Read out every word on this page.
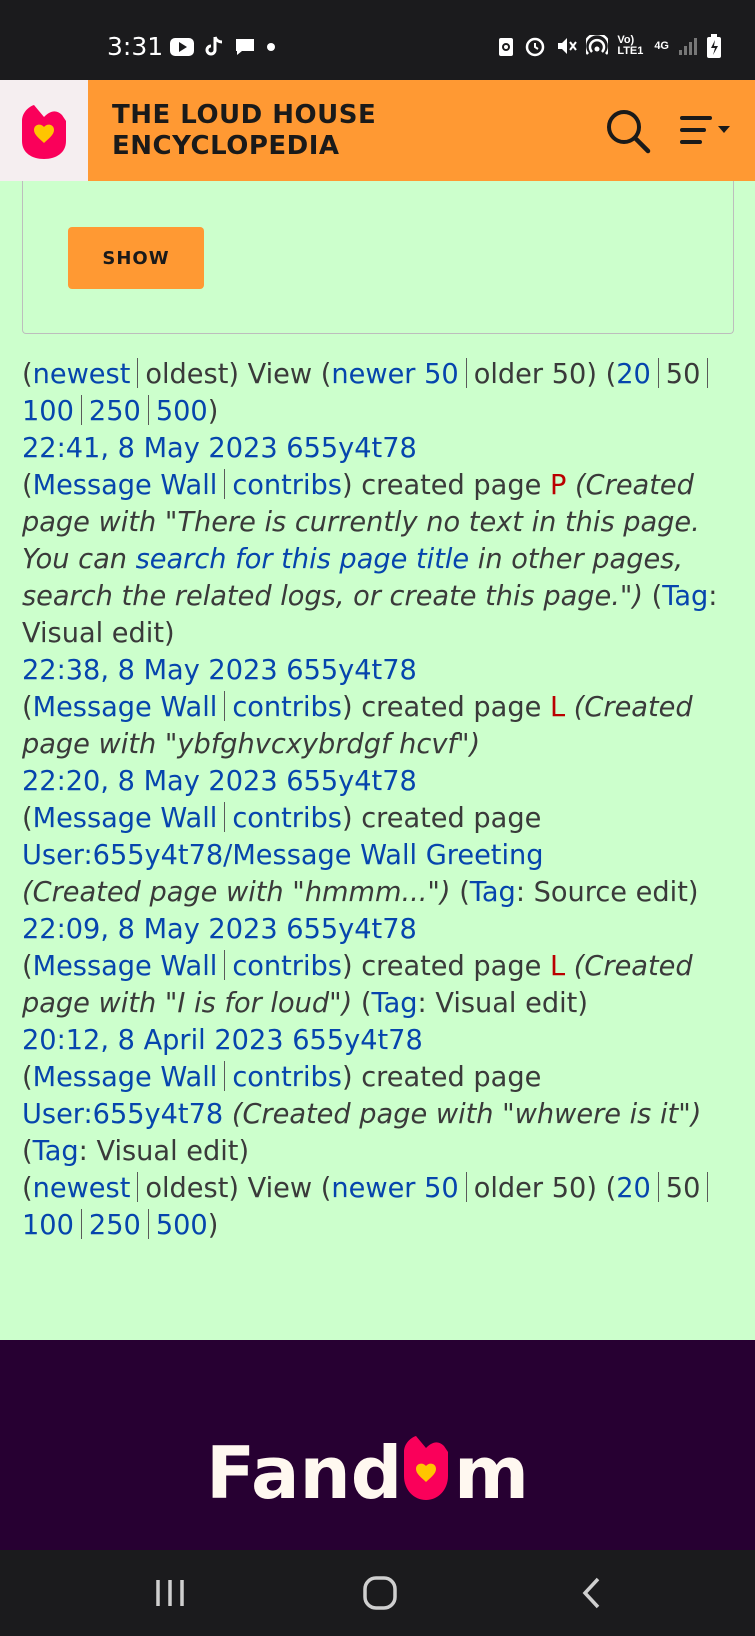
3:31	Vo) LTE1 4G
THE LOUD HOUSE
ENCYCLOPEDIA
SHOW
(newest oldest) View (newer 50 older 50) (20 50100 250 500)
22:41, 8 May 2023 655y4t78
(Message Wall contribs) created page P (Created page with "There is currently no text in this page. You can search for this page title in other pages, search the related logs, or create this page.") (Tag: Visual edit)
22:38, 8 May 2023 655y4t78
(Message Wall contribs) created page L (Created page with "ybfghvcxybrdgf hcvf")
22:20, 8 May 2023 655y4t78
(Message Wall contribs) created page
User:655y4t78/Message Wall Greeting
(Created page with "hmmm...") (Tag: Source edit)
22:09, 8 May 2023 655y4t78
(Message Wall contribs) created page L (Created page with "I is for loud") (Tag: Visual edit)
20:12, 8 April 2023 655y4t78
(Message Wall contribs) created page
User:655y4t78 (Created page with "whwere is it") (Tag: Visual edit)
(newest oldest) View (newer 50 older 50) (20 50100 250 500)
Fand m
